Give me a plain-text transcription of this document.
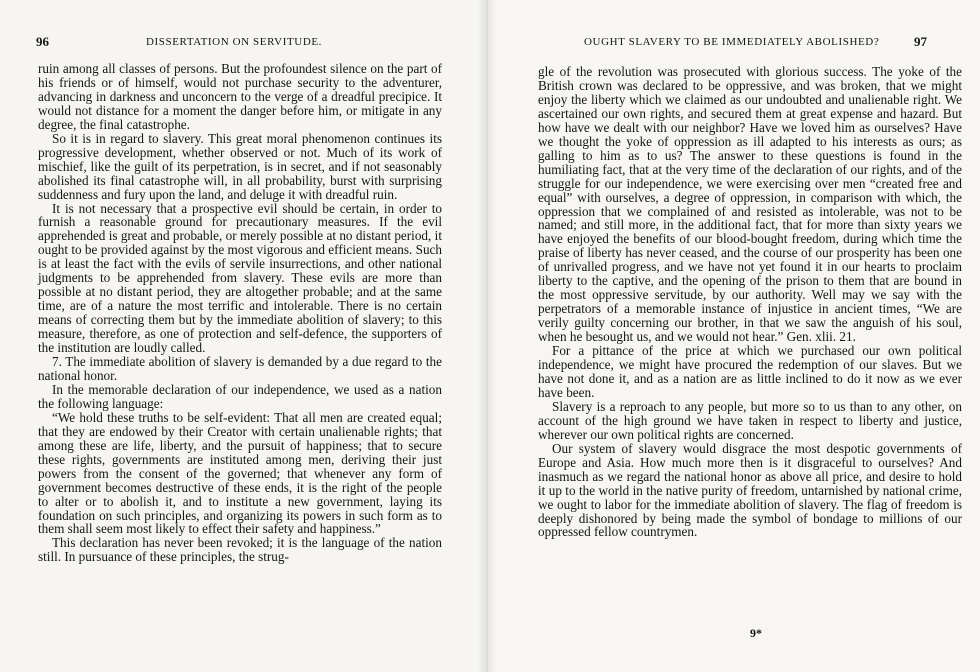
96	DISSERTATION ON SERVITUDE.

ruin among all classes of persons. But the profoundest silence on the part of his friends or of himself, would not purchase security to the adventurer, advancing in darkness and unconcern to the verge of a dreadful precipice. It would not distance for a moment the danger before him, or mitigate in any degree, the final catastrophe.

So it is in regard to slavery. This great moral phenomenon continues its progressive development, whether observed or not. Much of its work of mischief, like the guilt of its perpetration, is in secret, and if not seasonably abolished its final catastrophe will, in all probability, burst with surprising suddenness and fury upon the land, and deluge it with dreadful ruin.

It is not necessary that a prospective evil should be certain, in order to furnish a reasonable ground for precautionary measures. If the evil apprehended is great and probable, or merely possible at no distant period, it ought to be provided against by the most vigorous and efficient means. Such is at least the fact with the evils of servile insurrections, and other national judgments to be apprehended from slavery. These evils are more than possible at no distant period, they are altogether probable; and at the same time, are of a nature the most terrific and intolerable. There is no certain means of correcting them but by the immediate abolition of slavery; to this measure, therefore, as one of protection and self-defence, the supporters of the institution are loudly called.

7. The immediate abolition of slavery is demanded by a due regard to the national honor.

In the memorable declaration of our independence, we used as a nation the following language:

“We hold these truths to be self-evident: That all men are created equal; that they are endowed by their Creator with certain unalienable rights; that among these are life, liberty, and the pursuit of happiness; that to secure these rights, governments are instituted among men, deriving their just powers from the consent of the governed; that whenever any form of government becomes destructive of these ends, it is the right of the people to alter or to abolish it, and to institute a new government, laying its foundation on such principles, and organizing its powers in such form as to them shall seem most likely to effect their safety and happiness.”

This declaration has never been revoked; it is the language of the nation still. In pursuance of these principles, the strug-

OUGHT SLAVERY TO BE IMMEDIATELY ABOLISHED?	97

gle of the revolution was prosecuted with glorious success. The yoke of the British crown was declared to be oppressive, and was broken, that we might enjoy the liberty which we claimed as our undoubted and unalienable right. We ascertained our own rights, and secured them at great expense and hazard. But how have we dealt with our neighbor? Have we loved him as ourselves? Have we thought the yoke of oppression as ill adapted to his interests as ours; as galling to him as to us? The answer to these questions is found in the humiliating fact, that at the very time of the declaration of our rights, and of the struggle for our independence, we were exercising over men “created free and equal” with ourselves, a degree of oppression, in comparison with which, the oppression that we complained of and resisted as intolerable, was not to be named; and still more, in the additional fact, that for more than sixty years we have enjoyed the benefits of our blood-bought freedom, during which time the praise of liberty has never ceased, and the course of our prosperity has been one of unrivalled progress, and we have not yet found it in our hearts to proclaim liberty to the captive, and the opening of the prison to them that are bound in the most oppressive servitude, by our authority. Well may we say with the perpetrators of a memorable instance of injustice in ancient times, “We are verily guilty concerning our brother, in that we saw the anguish of his soul, when he besought us, and we would not hear.” Gen. xlii. 21.

For a pittance of the price at which we purchased our own political independence, we might have procured the redemption of our slaves. But we have not done it, and as a nation are as little inclined to do it now as we ever have been.

Slavery is a reproach to any people, but more so to us than to any other, on account of the high ground we have taken in respect to liberty and justice, wherever our own political rights are concerned.

Our system of slavery would disgrace the most despotic governments of Europe and Asia. How much more then is it disgraceful to ourselves? And inasmuch as we regard the national honor as above all price, and desire to hold it up to the world in the native purity of freedom, untarnished by national crime, we ought to labor for the immediate abolition of slavery. The flag of freedom is deeply dishonored by being made the symbol of bondage to millions of our oppressed fellow countrymen.

9*
